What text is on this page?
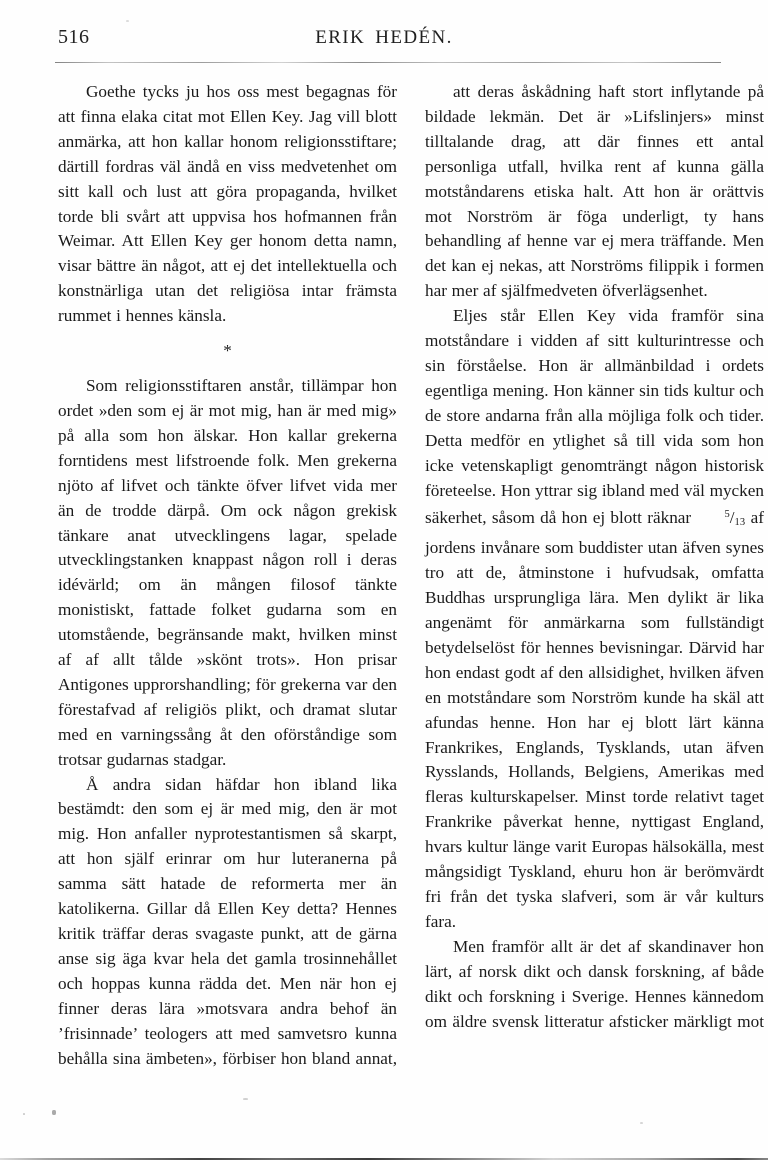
516	ERIK HEDÉN.

Goethe tycks ju hos oss mest begagnas för att finna elaka citat mot Ellen Key. Jag vill blott anmärka, att hon kallar honom religionsstiftare; därtill fordras väl ändå en viss medvetenhet om sitt kall och lust att göra propaganda, hvilket torde bli svårt att uppvisa hos hofmannen från Weimar. Att Ellen Key ger honom detta namn, visar bättre än något, att ej det intellektuella och konstnärliga utan det religiösa intar främsta rummet i hennes känsla.

*

Som religionsstiftaren anstår, tillämpar hon ordet »den som ej är mot mig, han är med mig» på alla som hon älskar. Hon kallar grekerna forntidens mest lifstroende folk. Men grekerna njöto af lifvet och tänkte öfver lifvet vida mer än de trodde därpå. Om ock någon grekisk tänkare anat utvecklingens lagar, spelade utvecklingstanken knappast någon roll i deras idévärld; om än mången filosof tänkte monistiskt, fattade folket gudarna som en utomstående, begränsande makt, hvilken minst af af allt tålde »skönt trots». Hon prisar Antigones upprorshandling; för grekerna var den förestafvad af religiös plikt, och dramat slutar med en varningssång åt den oförståndige som trotsar gudarnas stadgar.

Å andra sidan häfdar hon ibland lika bestämdt: den som ej är med mig, den är mot mig. Hon anfaller nyprotestantismen så skarpt, att hon själf erinrar om hur luteranerna på samma sätt hatade de reformerta mer än katolikerna. Gillar då Ellen Key detta? Hennes kritik träffar deras svagaste punkt, att de gärna anse sig äga kvar hela det gamla trosinnehållet och hoppas kunna rädda det. Men när hon ej finner deras lära »motsvara andra behof än ’frisinnade’ teologers att med samvetsro kunna behålla sina ämbeten», förbiser hon bland annat,

att deras åskådning haft stort inflytande på bildade lekmän. Det är »Lifslinjers» minst tilltalande drag, att där finnes ett antal personliga utfall, hvilka rent af kunna gälla motståndarens etiska halt. Att hon är orättvis mot Norström är föga underligt, ty hans behandling af henne var ej mera träffande. Men det kan ej nekas, att Norströms filippik i formen har mer af själfmedveten öfverlägsenhet.

Eljes står Ellen Key vida framför sina motståndare i vidden af sitt kulturintresse och sin förståelse. Hon är allmänbildad i ordets egentliga mening. Hon känner sin tids kultur och de store andarna från alla möjliga folk och tider. Detta medför en ytlighet så till vida som hon icke vetenskapligt genomträngt någon historisk företeelse. Hon yttrar sig ibland med väl mycken säkerhet, såsom då hon ej blott räknar	$^5/_{13}$ af jordens invånare som buddister utan äfven synes tro att de, åtminstone i hufvudsak, omfatta Buddhas ursprungliga lära. Men dylikt är lika angenämt för anmärkarna som fullständigt betydelselöst för hennes bevisningar. Därvid har hon endast godt af den allsidighet, hvilken äfven en motståndare som Norström kunde ha skäl att afundas henne. Hon har ej blott lärt känna Frankrikes, Englands, Tysklands, utan äfven Rysslands, Hollands, Belgiens, Amerikas med fleras kulturskapelser. Minst torde relativt taget Frankrike påverkat henne, nyttigast England, hvars kultur länge varit Europas hälsokälla, mest mångsidigt Tyskland, ehuru hon är berömvärdt fri från det tyska slafveri, som är vår kulturs fara.

Men framför allt är det af skandinaver hon lärt, af norsk dikt och dansk forskning, af både dikt och forskning i Sverige. Hennes kännedom om äldre svensk litteratur afsticker märkligt mot
